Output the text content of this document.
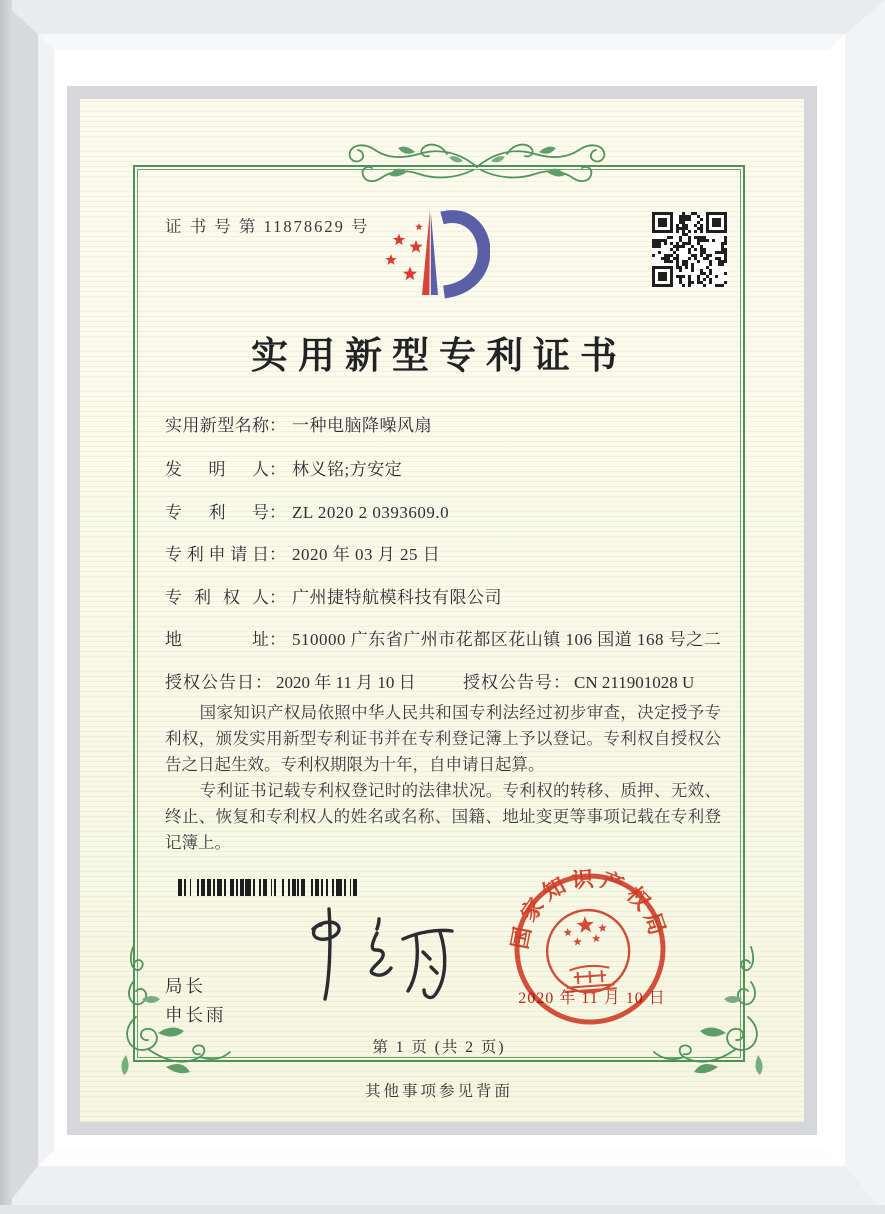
证 书 号 第 11878629 号
实用新型专利证书
实用新型名称： 一种电脑降噪风扇
发明人： 林义铭;方安定
专利号： ZL 2020 2 0393609.0
专利申请日： 2020 年 03 月 25 日
专利权人： 广州捷特航模科技有限公司
地址： 510000 广东省广州市花都区花山镇 106 国道 168 号之二
授权公告日： 2020 年 11 月 10 日	授权公告号： CN 211901028 U

国家知识产权局依照中华人民共和国专利法经过初步审查，决定授予专利权，颁发实用新型专利证书并在专利登记簿上予以登记。专利权自授权公告之日起生效。专利权期限为十年，自申请日起算。

专利证书记载专利权登记时的法律状况。专利权的转移、质押、无效、终止、恢复和专利权人的姓名或名称、国籍、地址变更等事项记载在专利登记簿上。

局长
申长雨
国家知识产权局
2020 年 11 月 10 日
第 1 页 (共 2 页)
其他事项参见背面
